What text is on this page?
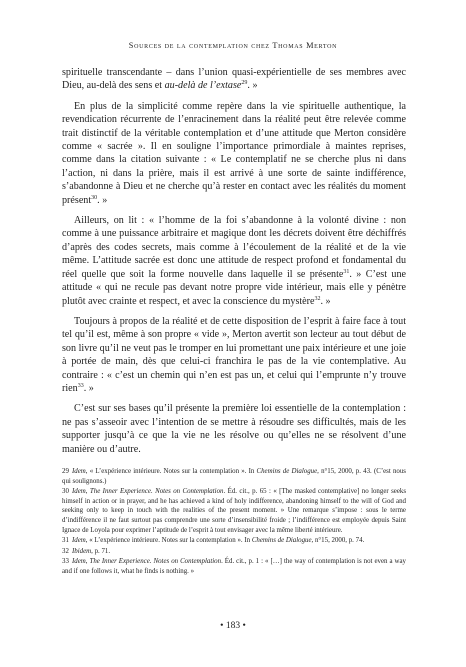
Sources de la contemplation chez Thomas Merton

spirituelle transcendante – dans l’union quasi-expérientielle de ses membres avec Dieu, au-delà des sens et au-delà de l’extase$^{29}$. »

En plus de la simplicité comme repère dans la vie spirituelle authentique, la revendication récurrente de l’enracinement dans la réalité peut être relevée comme trait distinctif de la véritable contemplation et d’une attitude que Merton considère comme « sacrée ». Il en souligne l’importance primordiale à maintes reprises, comme dans la citation suivante : « Le contemplatif ne se cherche plus ni dans l’action, ni dans la prière, mais il est arrivé à une sorte de sainte indifférence, s’abandonne à Dieu et ne cherche qu’à rester en contact avec les réalités du moment présent$^{30}$. »

Ailleurs, on lit : « l’homme de la foi s’abandonne à la volonté divine : non comme à une puissance arbitraire et magique dont les décrets doivent être déchiffrés d’après des codes secrets, mais comme à l’écoulement de la réalité et de la vie même. L’attitude sacrée est donc une attitude de respect profond et fondamental du réel quelle que soit la forme nouvelle dans laquelle il se présente$^{31}$. » C’est une attitude « qui ne recule pas devant notre propre vide intérieur, mais elle y pénètre plutôt avec crainte et respect, et avec la conscience du mystère$^{32}$. »

Toujours à propos de la réalité et de cette disposition de l’esprit à faire face à tout tel qu’il est, même à son propre « vide », Merton avertit son lecteur au tout début de son livre qu’il ne veut pas le tromper en lui promettant une paix intérieure et une joie à portée de main, dès que celui-ci franchira le pas de la vie contemplative. Au contraire : « c’est un chemin qui n’en est pas un, et celui qui l’emprunte n’y trouve rien$^{33}$. »

C’est sur ses bases qu’il présente la première loi essentielle de la contemplation : ne pas s’asseoir avec l’intention de se mettre à résoudre ses difficultés, mais de les supporter jusqu’à ce que la vie ne les résolve ou qu’elles ne se résolvent d’une manière ou d’autre.

29 Idem, « L’expérience intérieure. Notes sur la contemplation ». In Chemins de Dialogue, n°15, 2000, p. 43. (C’est nous qui soulignons.)

30 Idem, The Inner Experience. Notes on Contemplation. Éd. cit., p. 65 : « [The masked contemplative] no longer seeks himself in action or in prayer, and he has achieved a kind of holy indifference, abandoning himself to the will of God and seeking only to keep in touch with the realities of the present moment. » Une remarque s’impose : sous le terme d’indifférence il ne faut surtout pas comprendre une sorte d’insensibilité froide ; l’indifférence est employée depuis Saint Ignace de Loyola pour exprimer l’aptitude de l’esprit à tout envisager avec la même liberté intérieure.

31 Idem, « L’expérience intérieure. Notes sur la contemplation ». In Chemins de Dialogue, n°15, 2000, p. 74.

32 Ibidem, p. 71.

33 Idem, The Inner Experience. Notes on Contemplation. Éd. cit., p. 1 : « […] the way of contemplation is not even a way and if one follows it, what he finds is nothing. »

• 183 •
